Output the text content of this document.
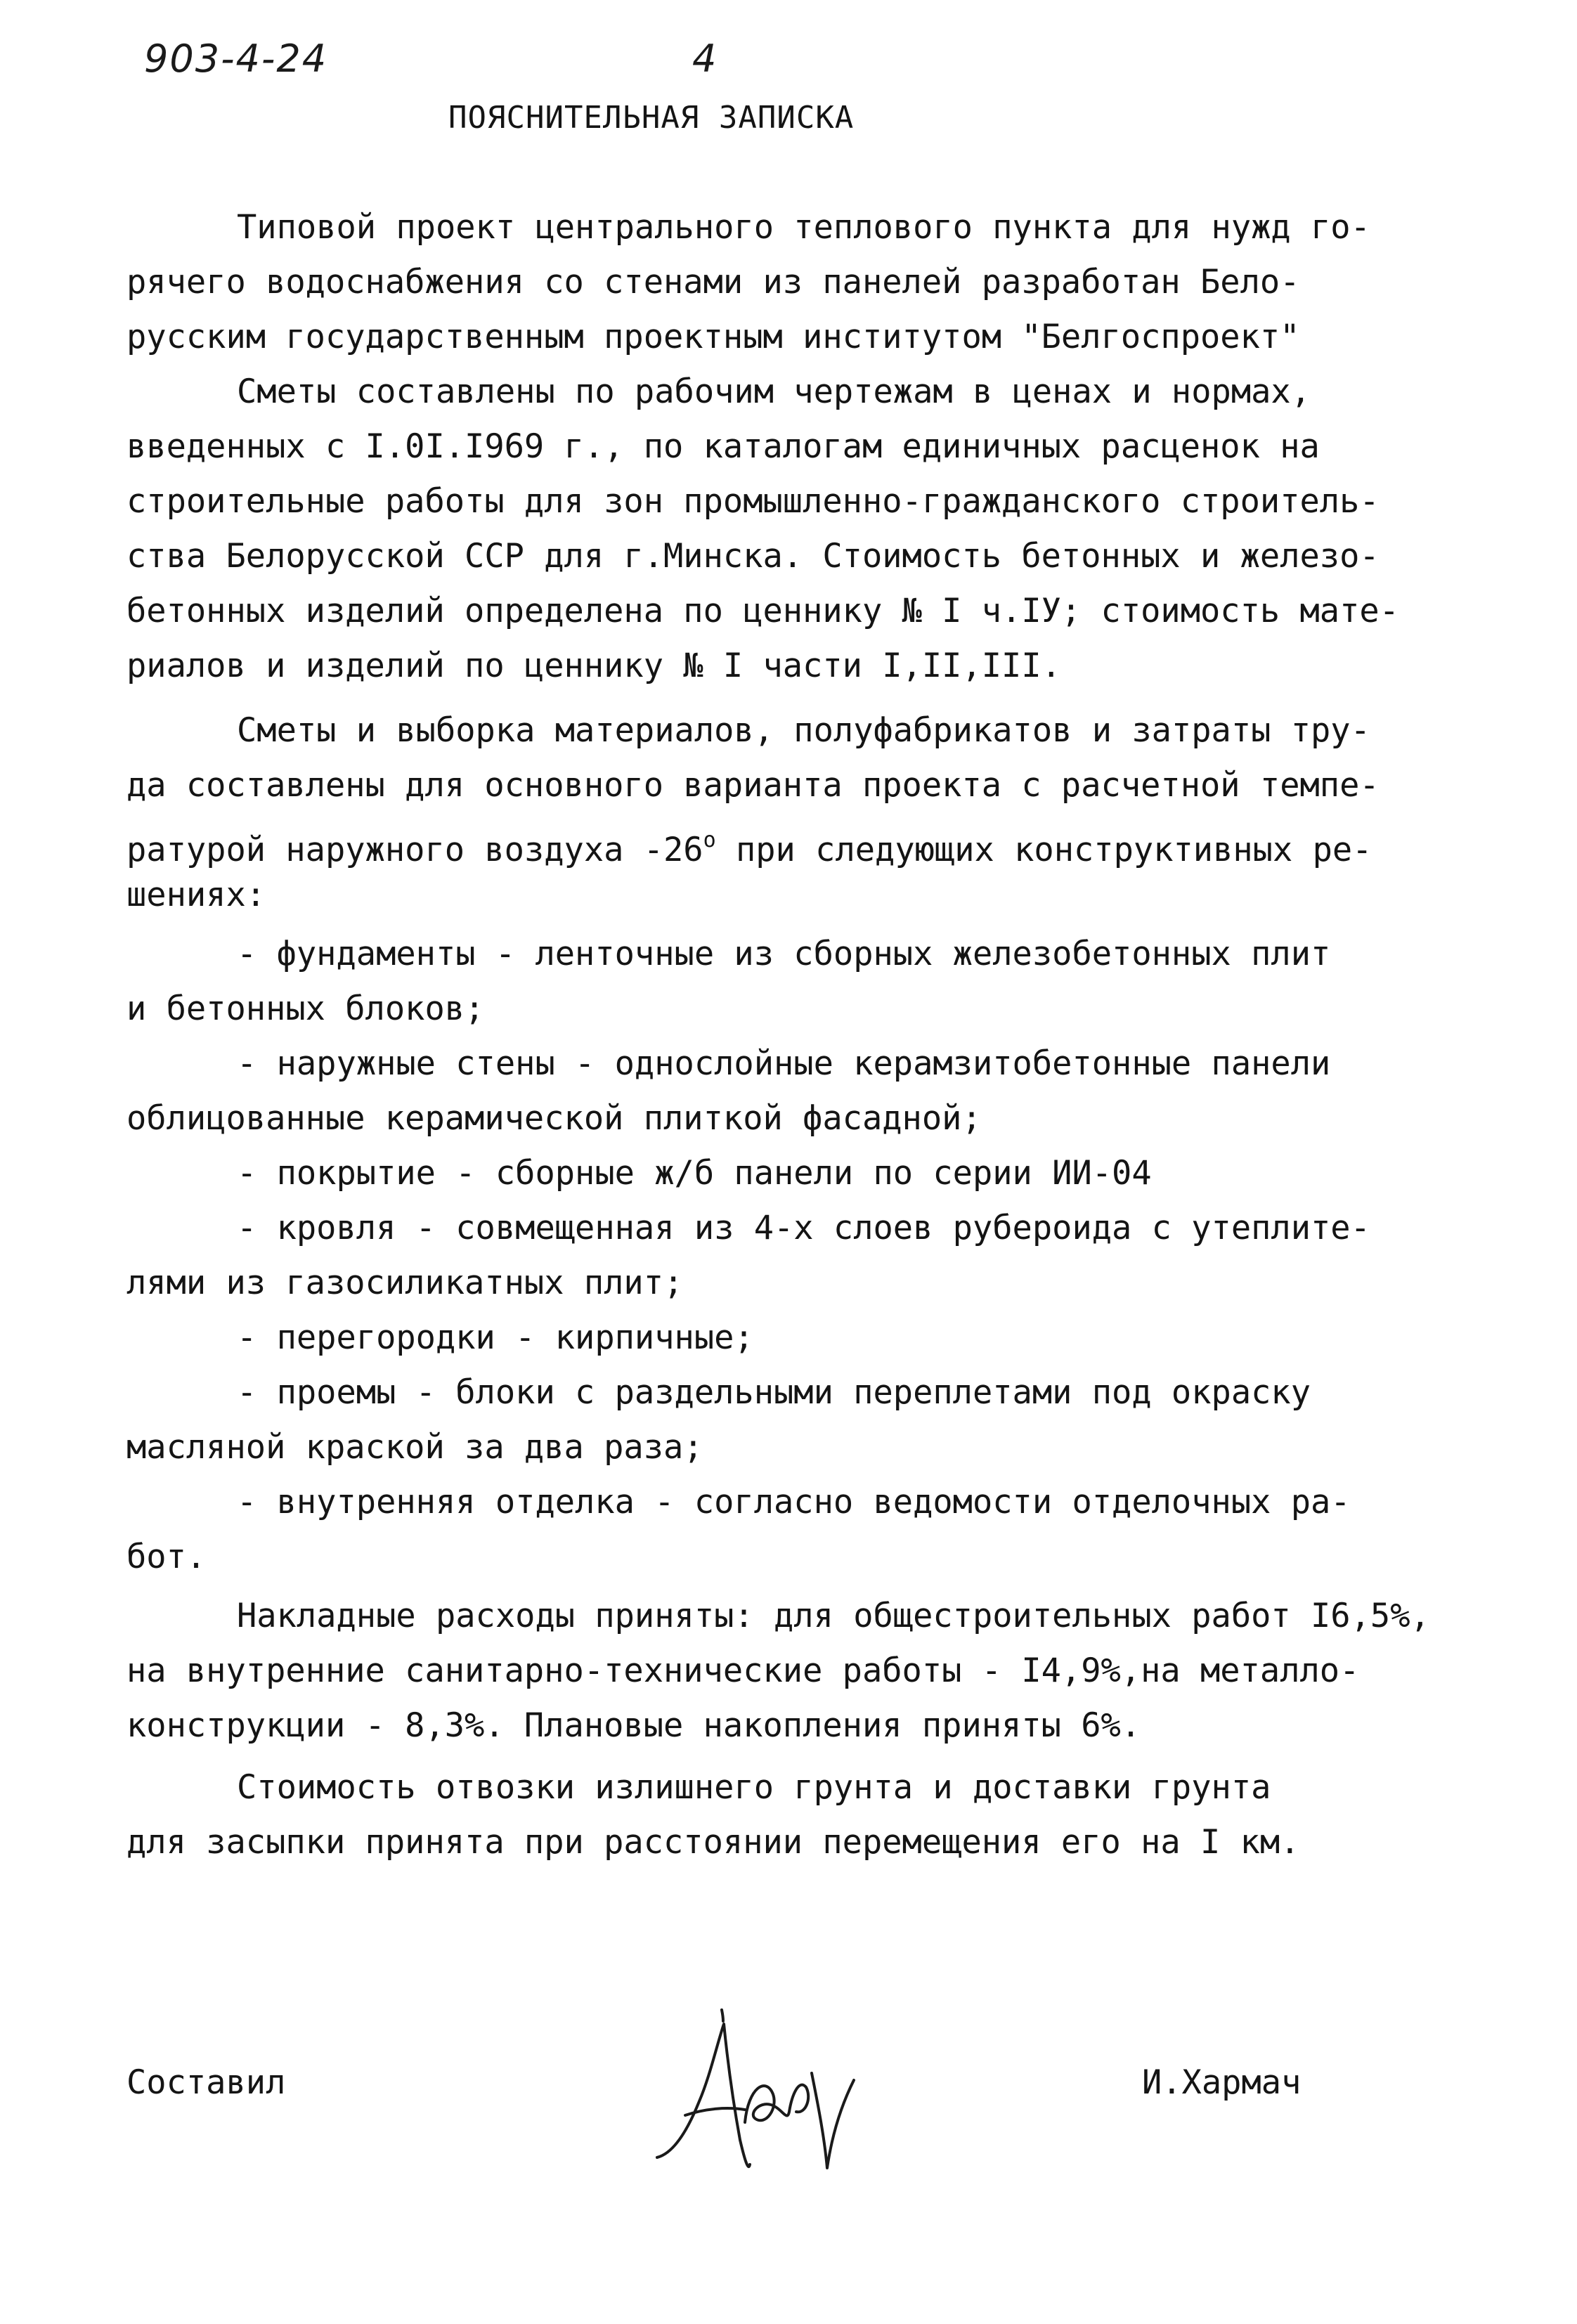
903-4-24	4
ПОЯСНИТЕЛЬНАЯ ЗАПИСКА
Типовой проект центрального теплового пункта для нужд го-
рячего водоснабжения со стенами из панелей разработан Бело-
русским государственным проектным институтом "Белгоспроект"
Сметы составлены по рабочим чертежам в ценах и нормах,
введенных с I.0I.I969 г., по каталогам единичных расценок на
строительные работы для зон промышленно-гражданского строитель-
ства Белорусской ССР для г.Минска. Стоимость бетонных и железо-
бетонных изделий определена по ценнику № I ч.IУ; стоимость мате-
риалов и изделий по ценнику № I части I,II,III.
Сметы и выборка материалов, полуфабрикатов и затраты тру-
да составлены для основного варианта проекта с расчетной темпе-
ратурой наружного воздуха $-26^о$ при следующих конструктивных ре-
шениях:
- фундаменты - ленточные из сборных железобетонных плит
и бетонных блоков;
- наружные стены - однослойные керамзитобетонные панели
облицованные керамической плиткой фасадной;
- покрытие - сборные ж/б панели по серии ИИ-04
- кровля - совмещенная из 4-х слоев рубероида с утеплите-
лями из газосиликатных плит;
- перегородки - кирпичные;
- проемы - блоки с раздельными переплетами под окраску
масляной краской за два раза;
- внутренняя отделка - согласно ведомости отделочных ра-
бот.
Накладные расходы приняты: для общестроительных работ I6,5%,
на внутренние санитарно-технические работы - I4,9%,на металло-
конструкции - 8,3%. Плановые накопления приняты 6%.
Стоимость отвозки излишнего грунта и доставки грунта
для засыпки принята при расстоянии перемещения его на I км.
Составил	И.Хармач
